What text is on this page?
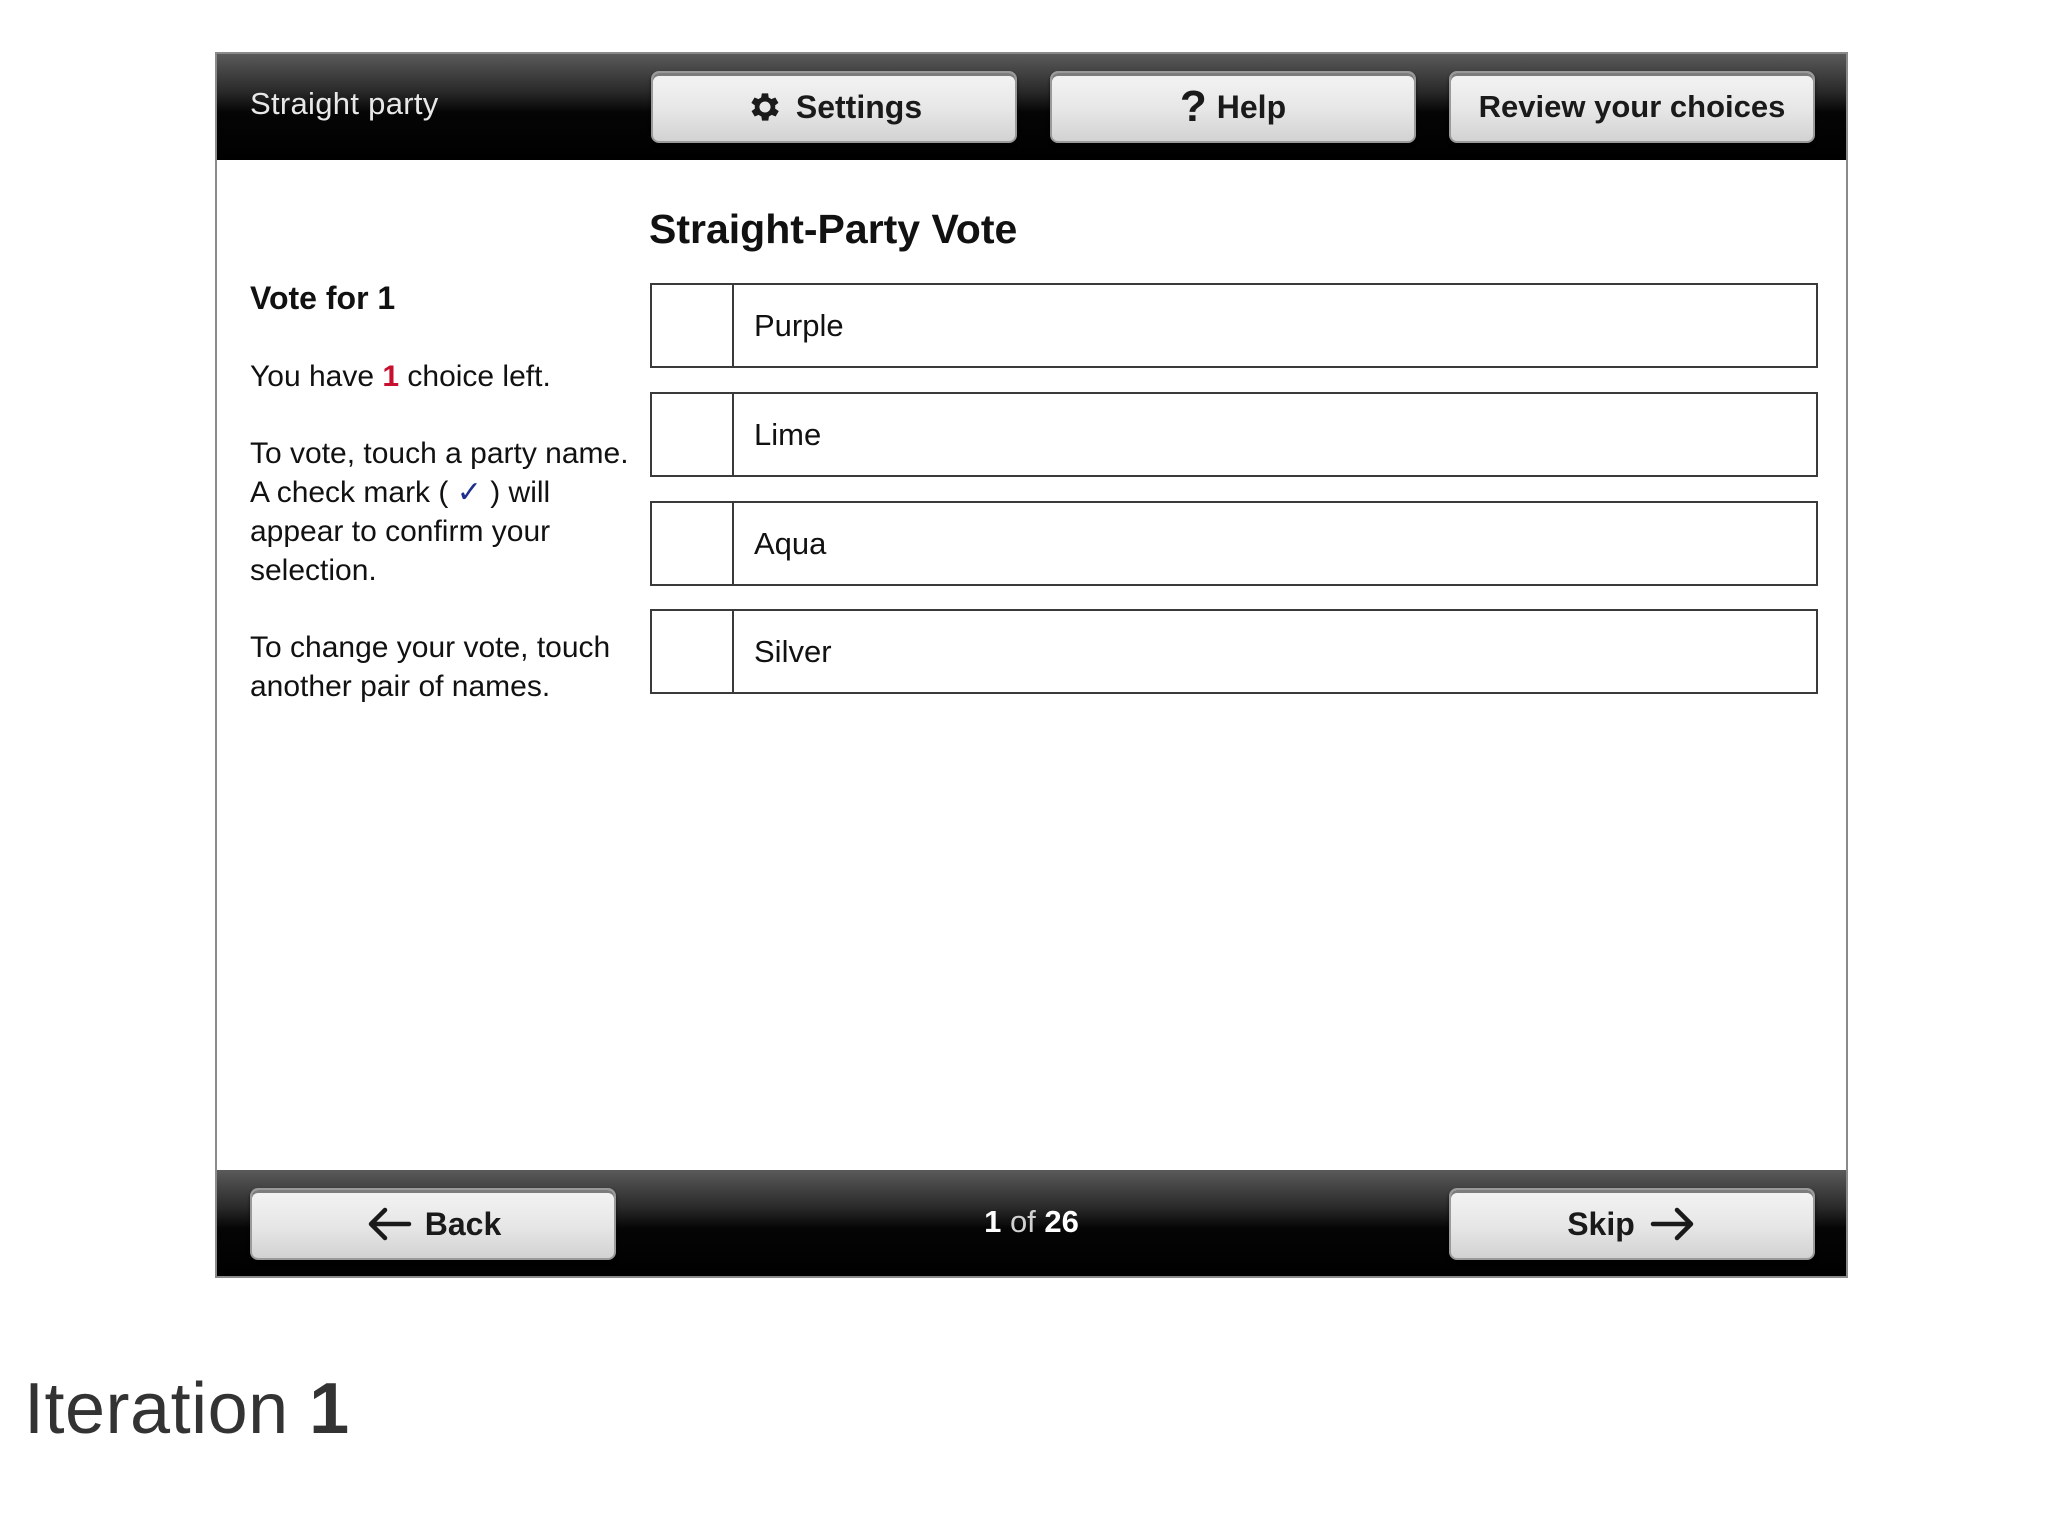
Straight party	Settings	? Help	Review your choices
Vote for 1
You have 1 choice left.
To vote, touch a party name. A check mark ( ✓ ) will appear to confirm your selection.
To change your vote, touch another pair of names.
Straight-Party Vote
Purple
Lime
Aqua
Silver
Back	1 of 26	Skip
Iteration 1
